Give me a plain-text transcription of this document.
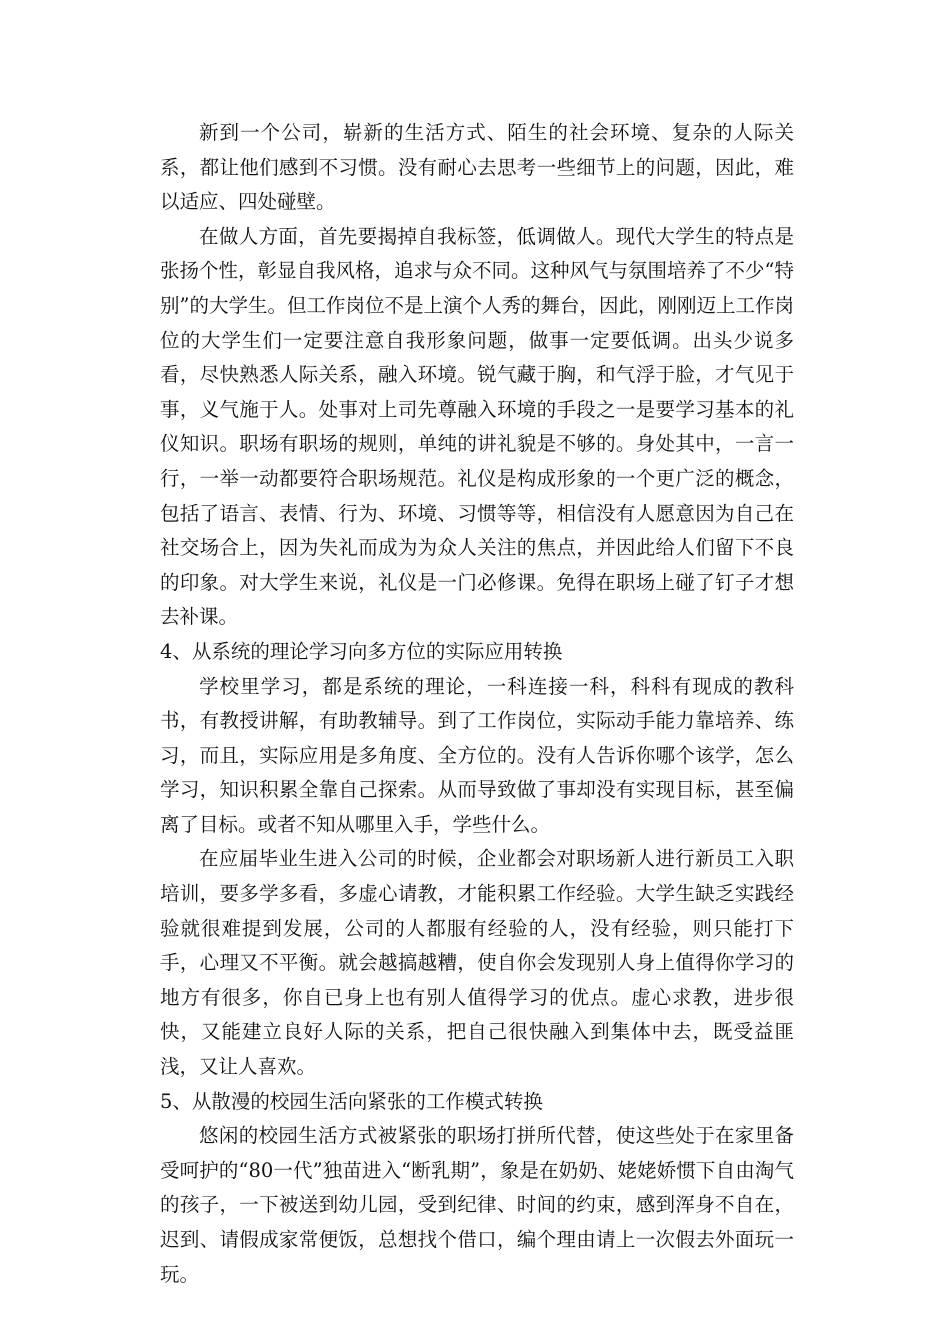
新到一个公司，崭新的生活方式、陌生的社会环境、复杂的人际关系，都让他们感到不习惯。没有耐心去思考一些细节上的问题，因此，难以适应、四处碰壁。

在做人方面，首先要揭掉自我标签，低调做人。现代大学生的特点是张扬个性，彰显自我风格，追求与众不同。这种风气与氛围培养了不少“特别”的大学生。但工作岗位不是上演个人秀的舞台，因此，刚刚迈上工作岗位的大学生们一定要注意自我形象问题，做事一定要低调。出头少说多看，尽快熟悉人际关系，融入环境。锐气藏于胸，和气浮于脸，才气见于事，义气施于人。处事对上司先尊融入环境的手段之一是要学习基本的礼仪知识。职场有职场的规则，单纯的讲礼貌是不够的。身处其中，一言一行，一举一动都要符合职场规范。礼仪是构成形象的一个更广泛的概念，包括了语言、表情、行为、环境、习惯等等，相信没有人愿意因为自己在社交场合上，因为失礼而成为为众人关注的焦点，并因此给人们留下不良的印象。对大学生来说，礼仪是一门必修课。免得在职场上碰了钉子才想去补课。

4、从系统的理论学习向多方位的实际应用转换

学校里学习，都是系统的理论，一科连接一科，科科有现成的教科书，有教授讲解，有助教辅导。到了工作岗位，实际动手能力靠培养、练习，而且，实际应用是多角度、全方位的。没有人告诉你哪个该学，怎么学习，知识积累全靠自己探索。从而导致做了事却没有实现目标，甚至偏离了目标。或者不知从哪里入手，学些什么。

在应届毕业生进入公司的时候，企业都会对职场新人进行新员工入职培训，要多学多看，多虚心请教，才能积累工作经验。大学生缺乏实践经验就很难提到发展，公司的人都服有经验的人，没有经验，则只能打下手，心理又不平衡。就会越搞越糟，使自你会发现别人身上值得你学习的地方有很多，你自已身上也有别人值得学习的优点。虚心求教，进步很快，又能建立良好人际的关系，把自己很快融入到集体中去，既受益匪浅，又让人喜欢。

5、从散漫的校园生活向紧张的工作模式转换

悠闲的校园生活方式被紧张的职场打拼所代替，使这些处于在家里备受呵护的“80一代”独苗进入“断乳期”，象是在奶奶、姥姥娇惯下自由淘气的孩子，一下被送到幼儿园，受到纪律、时间的约束，感到浑身不自在，迟到、请假成家常便饭，总想找个借口，编个理由请上一次假去外面玩一玩。
